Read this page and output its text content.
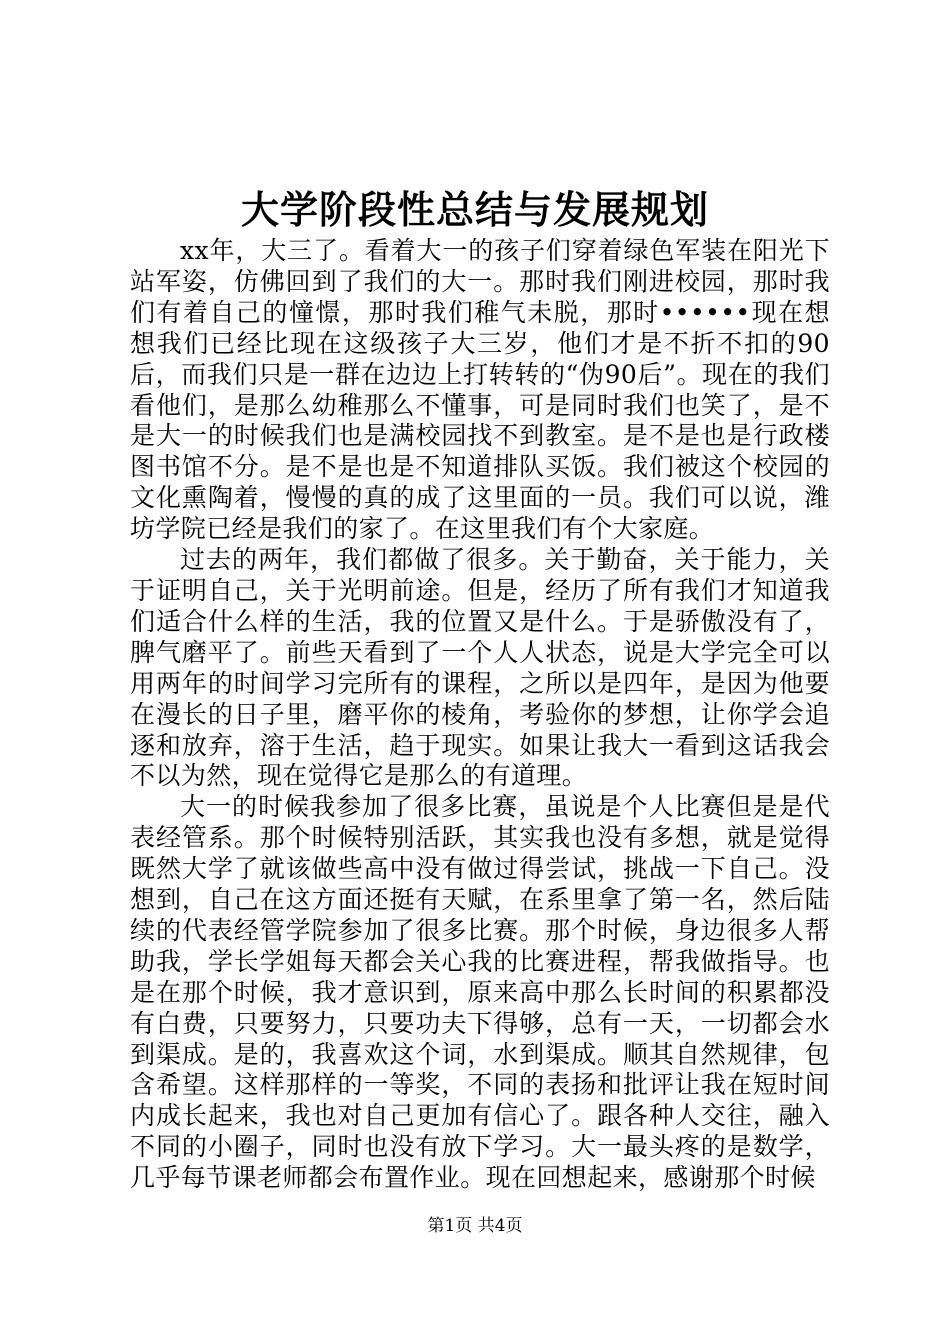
大学阶段性总结与发展规划

xx年，大三了。看着大一的孩子们穿着绿色军装在阳光下站军姿，仿佛回到了我们的大一。那时我们刚进校园，那时我们有着自己的憧憬，那时我们稚气未脱，那时••••••现在想想我们已经比现在这级孩子大三岁，他们才是不折不扣的90后，而我们只是一群在边边上打转转的“伪90后”。现在的我们看他们，是那么幼稚那么不懂事，可是同时我们也笑了，是不是大一的时候我们也是满校园找不到教室。是不是也是行政楼图书馆不分。是不是也是不知道排队买饭。我们被这个校园的文化熏陶着，慢慢的真的成了这里面的一员。我们可以说，潍坊学院已经是我们的家了。在这里我们有个大家庭。

过去的两年，我们都做了很多。关于勤奋，关于能力，关于证明自己，关于光明前途。但是，经历了所有我们才知道我们适合什么样的生活，我的位置又是什么。于是骄傲没有了，脾气磨平了。前些天看到了一个人人状态，说是大学完全可以用两年的时间学习完所有的课程，之所以是四年，是因为他要在漫长的日子里，磨平你的棱角，考验你的梦想，让你学会追逐和放弃，溶于生活，趋于现实。如果让我大一看到这话我会不以为然，现在觉得它是那么的有道理。

大一的时候我参加了很多比赛，虽说是个人比赛但是是代表经管系。那个时候特别活跃，其实我也没有多想，就是觉得既然大学了就该做些高中没有做过得尝试，挑战一下自己。没想到，自己在这方面还挺有天赋，在系里拿了第一名，然后陆续的代表经管学院参加了很多比赛。那个时候，身边很多人帮助我，学长学姐每天都会关心我的比赛进程，帮我做指导。也是在那个时候，我才意识到，原来高中那么长时间的积累都没有白费，只要努力，只要功夫下得够，总有一天，一切都会水到渠成。是的，我喜欢这个词，水到渠成。顺其自然规律，包含希望。这样那样的一等奖，不同的表扬和批评让我在短时间内成长起来，我也对自己更加有信心了。跟各种人交往，融入不同的小圈子，同时也没有放下学习。大一最头疼的是数学，几乎每节课老师都会布置作业。现在回想起来，感谢那个时候

第1页 共4页
